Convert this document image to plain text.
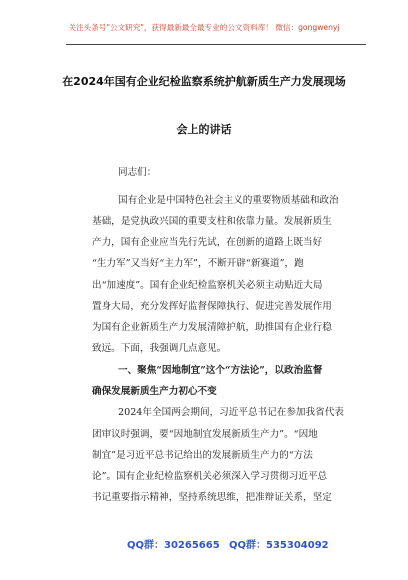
关注头条号"公文研究"，获得最新最全最专业的公文资料库！ 微信：gongwenyj
在2024年国有企业纪检监察系统护航新质生产力发展现场
会上的讲话
同志们：
国有企业是中国特色社会主义的重要物质基础和政治
基础，是党执政兴国的重要支柱和依靠力量。发展新质生
产力，国有企业应当先行先试，在创新的道路上既当好
“生力军”又当好“主力军”，不断开辟“新赛道”，跑
出“加速度”。国有企业纪检监察机关必须主动贴近大局
置身大局，充分发挥好监督保障执行、促进完善发展作用
为国有企业新质生产力发展清障护航，助推国有企业行稳
致远。下面，我强调几点意见。
一、聚焦“因地制宜”这个“方法论”，以政治监督
确保发展新质生产力初心不变
2024年全国两会期间，习近平总书记在参加我省代表
团审议时强调，要“因地制宜发展新质生产力”。“因地
制宜”是习近平总书记给出的发展新质生产力的“方法
论”。国有企业纪检监察机关必须深入学习贯彻习近平总
书记重要指示精神，坚持系统思维，把准辩证关系，坚定
QQ群：30265665 QQ群：535304092
